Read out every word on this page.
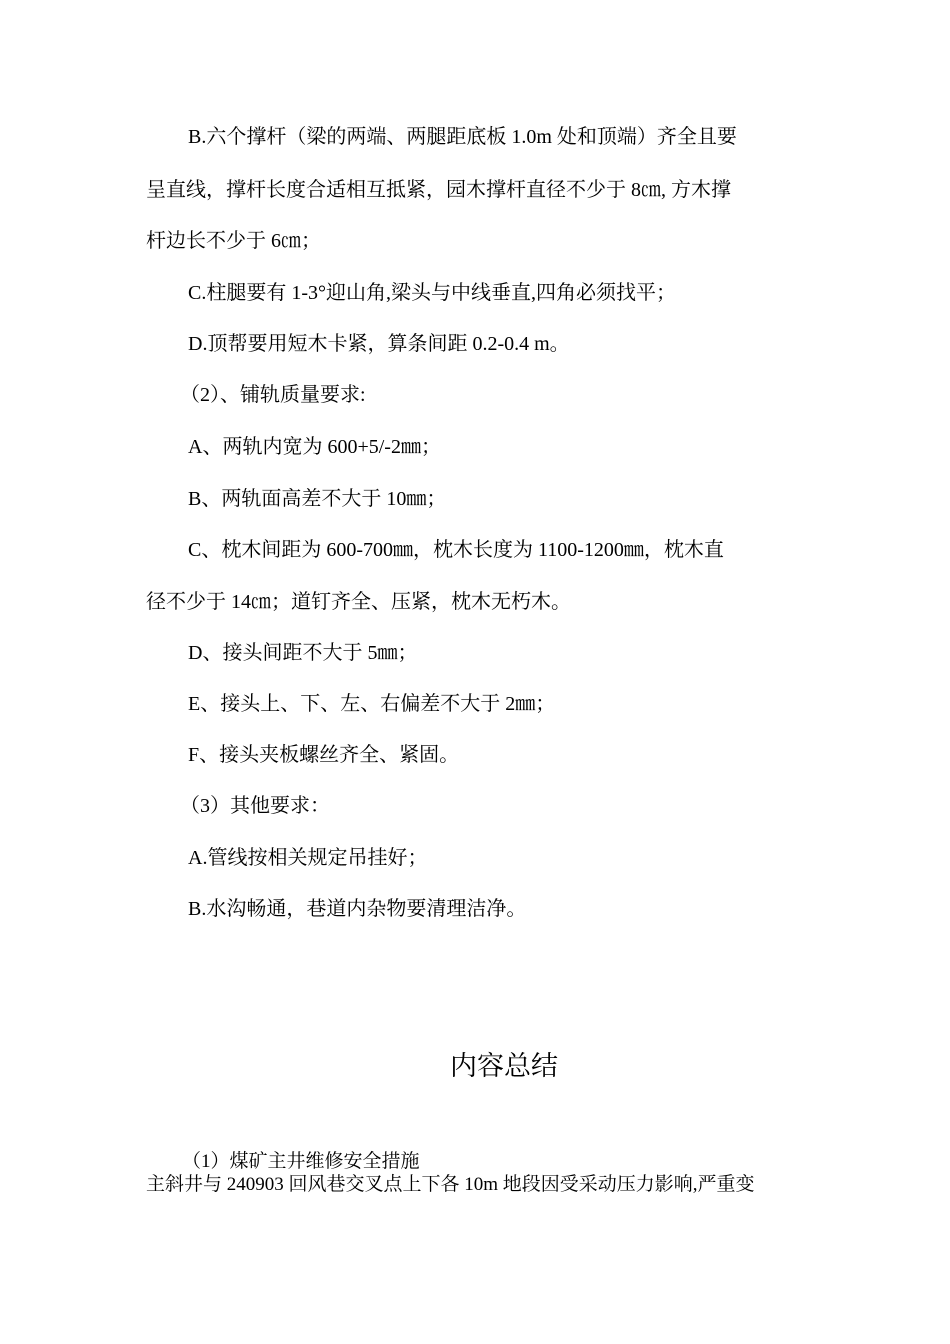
B.六个撑杆（梁的两端、两腿距底板 1.0m 处和顶端）齐全且要
呈直线，撑杆长度合适相互抵紧，园木撑杆直径不少于 8㎝, 方木撑
杆边长不少于 6㎝；
C.柱腿要有 1-3°迎山角,梁头与中线垂直,四角必须找平；
D.顶帮要用短木卡紧，算条间距 0.2-0.4 m。
（2）、铺轨质量要求:
A、两轨内宽为 600+5/-2㎜；
B、两轨面高差不大于 10㎜；
C、枕木间距为 600-700㎜，枕木长度为 1100-1200㎜，枕木直
径不少于 14㎝；道钉齐全、压紧，枕木无朽木。
D、接头间距不大于 5㎜；
E、接头上、下、左、右偏差不大于 2㎜；
F、接头夹板螺丝齐全、紧固。
（3）其他要求：
A.管线按相关规定吊挂好；
B.水沟畅通，巷道内杂物要清理洁净。
内容总结
（1）煤矿主井维修安全措施
主斜井与 240903 回风巷交叉点上下各 10m 地段因受采动压力影响,严重变
